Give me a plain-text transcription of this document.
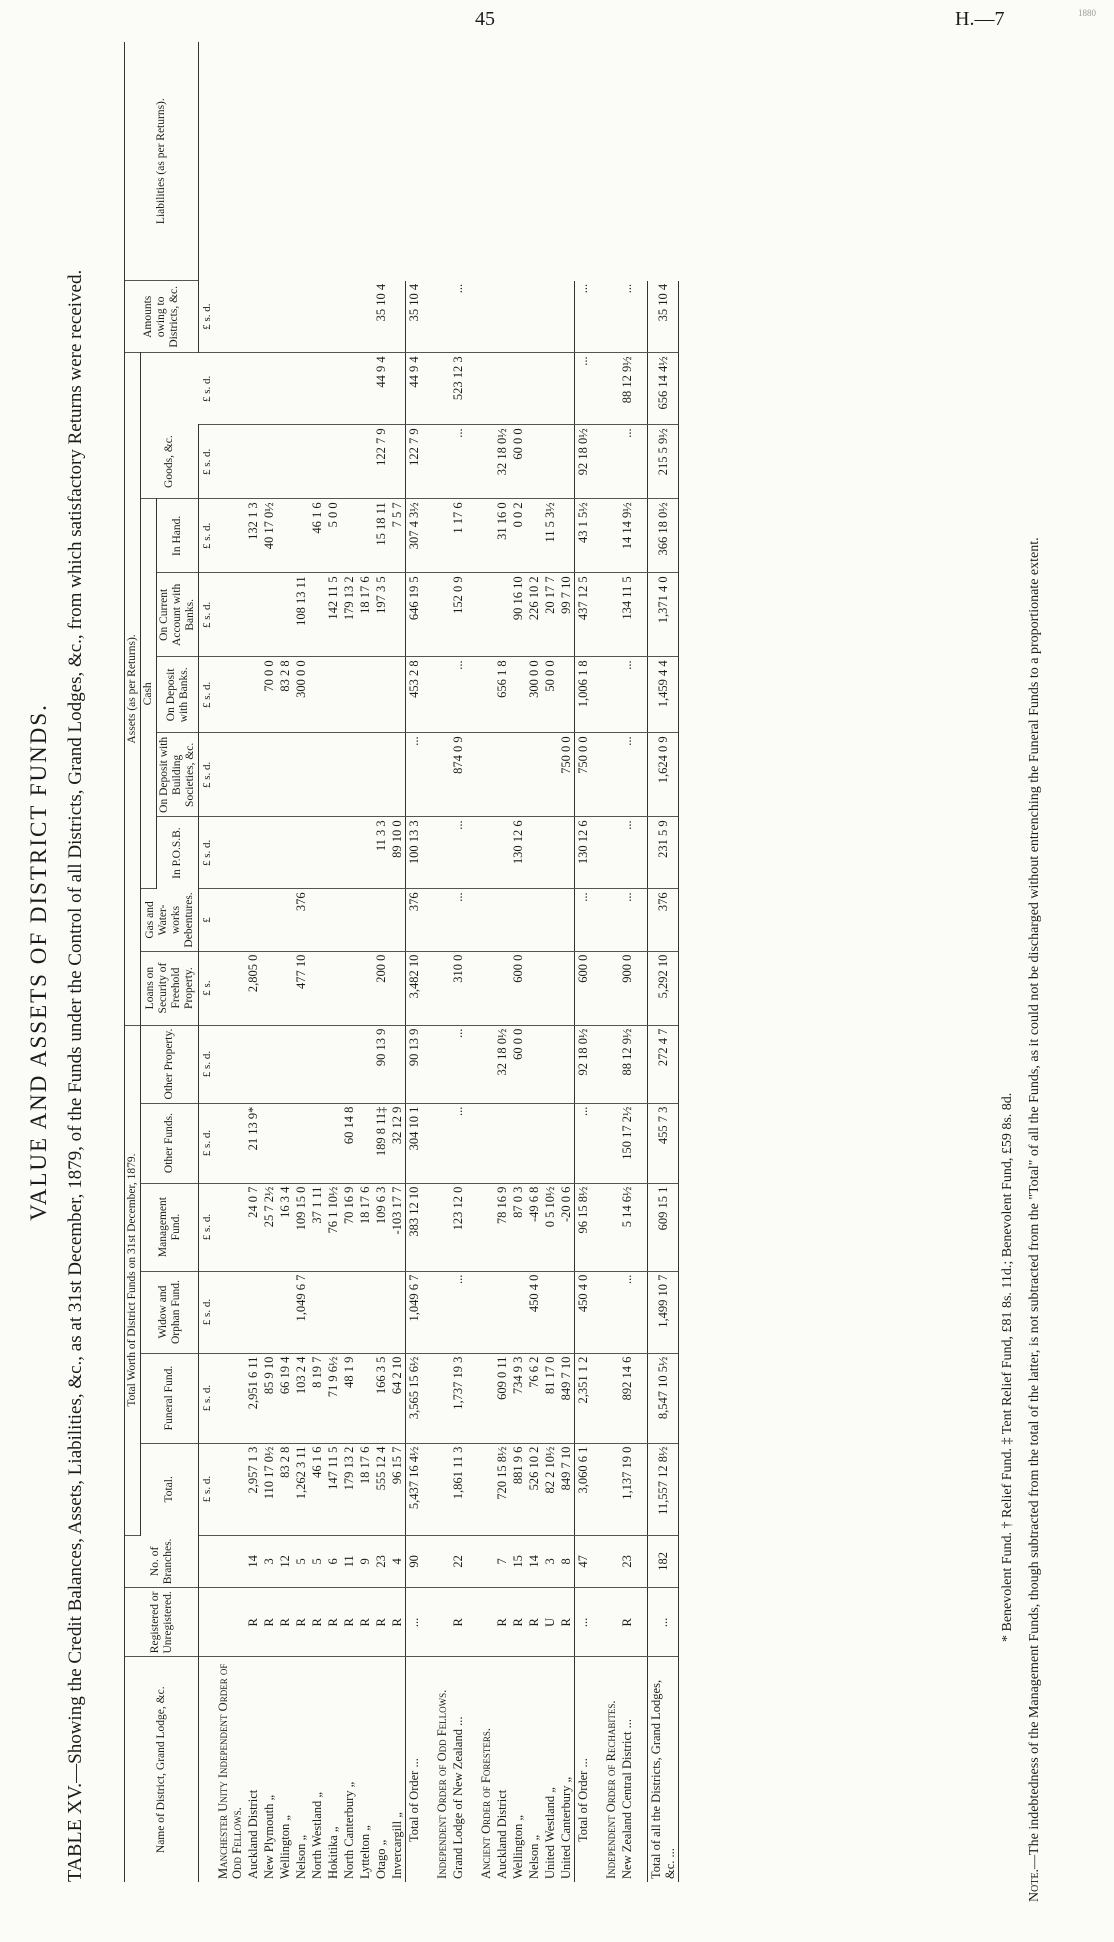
45	H.—7	1880
VALUE AND ASSETS OF DISTRICT FUNDS.
TABLE XV.—Showing the Credit Balances, Assets, Liabilities, &c., as at 31st December, 1879, of the Funds under the Control of all Districts, Grand Lodges, &c., from which satisfactory Returns were received.	Name of District, Grand Lodge, &c.	Registered or Unregistered.	No. of Branches.	Total Worth of District Funds on 31st December, 1879.						Assets (as per Returns).									Amounts owing to Districts, &c.	Liabilities (as per Returns).
			Total.	Funeral Fund.	Widow and Orphan Fund.	Management Fund.	Other Funds.	Other Property.	Loans on Security of Freehold Property.	Gas and Water-works Debentures.	Cash					Goods, &c.			
											In P.O.S.B.	On Deposit with Building Societies, &c.	On Deposit with Banks.	On Current Account with Banks.	In Hand.				
			£ s. d.	£ s. d.	£ s. d.	£ s. d.	£ s. d.	£ s. d.	£ s.	£	£ s. d.	£ s. d.	£ s. d.	£ s. d.	£ s. d.	£ s. d.	£ s. d.	£ s. d.	
Manchester Unity Independent Order of Odd Fellows.																			
Auckland District	R	14	2,957 1 3	2,951 6 11		24 0 7	21 13 9*		2,805 0						132 1 3				
New Plymouth „	R	3	110 17 0½	85 9 10		25 7 2½							70 0 0		40 17 0½				
Wellington „	R	12	83 2 8	66 19 4		16 3 4							83 2 8						
Nelson „	R	5	1,262 3 11	103 2 4	1,049 6 7	109 15 0			477 10	376			300 0 0	108 13 11					
North Westland „	R	5	46 1 6	8 19 7		37 1 11									46 1 6				
Hokitika „	R	6	147 11 5	71 9 6½		76 1 10½								142 11 5	5 0 0				
North Canterbury „	R	11	179 13 2	48 1 9		70 16 9	60 14 8							179 13 2					
Lyttelton „	R	9	18 17 6			18 17 6								18 17 6					
Otago „	R	23	555 12 4	166 3 5		109 6 3	189 8 11‡	90 13 9	200 0		11 3 3			197 3 5	15 18 11	122 7 9	44 9 4	35 10 4	
Invercargill „	R	4	96 15 7	64 2 10		-103 17 7	32 12 9				89 10 0				7 5 7				
Total of Order ...	...	90	5,437 16 4½	3,565 15 6½	1,049 6 7	383 12 10	304 10 1	90 13 9	3,482 10	376	100 13 3	...	453 2 8	646 19 5	307 4 3½	122 7 9	44 9 4	35 10 4	

Independent Order of Odd Fellows.																			
Grand Lodge of New Zealand ...	R	22	1,861 11 3	1,737 19 3	...	123 12 0	...	...	310 0	...	...	874 0 9	...	152 0 9	1 17 6	...	523 12 3	...	

Ancient Order of Foresters.																			
Auckland District	R	7	720 15 8½	609 0 11		78 16 9		32 18 0½					656 1 8		31 16 0	32 18 0½			
Wellington „	R	15	881 9 6	734 9 3		87 0 3		60 0 0	600 0		130 12 6			90 16 10	0 0 2	60 0 0			
Nelson „	R	14	526 10 2	76 6 2	450 4 0	-49 6 8							300 0 0	226 10 2					
United Westland „	U	3	82 2 10½	81 17 0		0 5 10½							50 0 0	20 17 7	11 5 3½				
United Canterbury „	R	8	849 7 10	849 7 10		-20 0 6						750 0 0		99 7 10					
Total of Order ...	...	47	3,060 6 1	2,351 1 2	450 4 0	96 15 8½	...	92 18 0½	600 0	...	130 12 6	750 0 0	1,006 1 8	437 12 5	43 1 5½	92 18 0½	...	...	

Independent Order of Rechabites.																			
New Zealand Central District ...	R	23	1,137 19 0	892 14 6	...	5 14 6½	150 17 2½	88 12 9½	900 0	...	...	...	...	134 11 5	14 14 9½	...	88 12 9½	...	

Total of all the Districts, Grand Lodges, &c. ...	...	182	11,557 12 8½	8,547 10 5½	1,499 10 7	609 15 1	455 7 3	272 4 7	5,292 10	376	231 5 9	1,624 0 9	1,459 4 4	1,371 4 0	366 18 0½	215 5 9½	656 14 4½	35 10 4	
* Benevolent Fund. † Relief Fund. ‡ Tent Relief Fund, £81 8s. 11d.; Benevolent Fund, £59 8s. 8d.
Note.—The indebtedness of the Management Funds, though subtracted from the total of the latter, is not subtracted from the "Total" of all the Funds, as it could not be discharged without entrenching the Funeral Funds to a proportionate extent.
